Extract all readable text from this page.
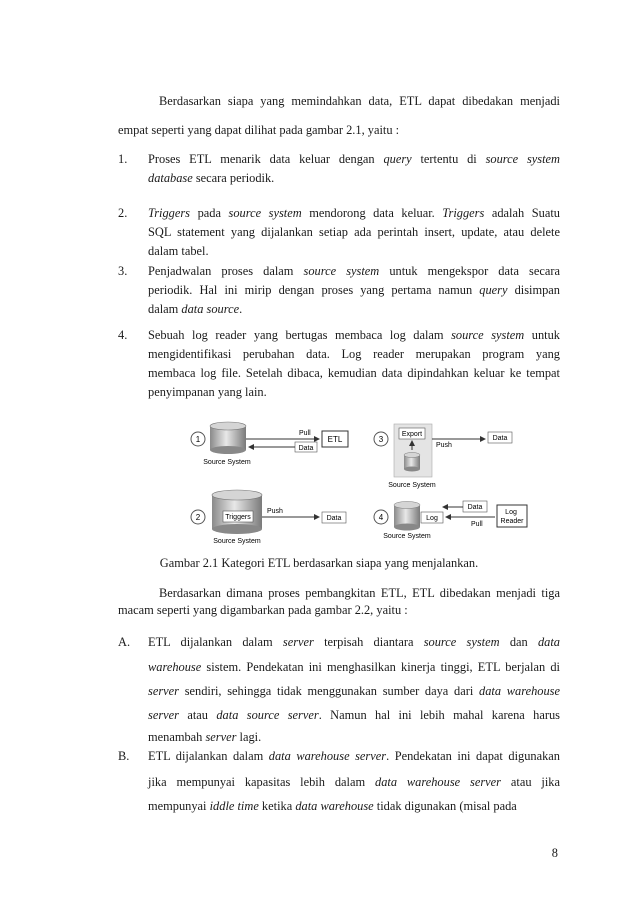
Berdasarkan siapa yang memindahkan data, ETL dapat dibedakan menjadi
empat seperti yang dapat dilihat pada gambar 2.1, yaitu :
1. Proses ETL menarik data keluar dengan query tertentu di source system
database secara periodik.
2. Triggers pada source system mendorong data keluar. Triggers adalah Suatu
SQL statement yang dijalankan setiap ada perintah insert, update, atau delete
dalam tabel.
3. Penjadwalan proses dalam source system untuk mengekspor data secara
periodik. Hal ini mirip dengan proses yang pertama namun query disimpan
dalam data source.
4. Sebuah log reader yang bertugas membaca log dalam source system untuk
mengidentifikasi perubahan data. Log reader merupakan program yang
membaca log file. Setelah dibaca, kemudian data dipindahkan keluar ke tempat
penyimpanan yang lain.
1
Pull
Data
ETL
Source System
3
Export
Push
Data
Source System
2	Triggers
Push
Data
Source System
4	Log
Pull
Data
Log Reader
Source System
Gambar 2.1 Kategori ETL berdasarkan siapa yang menjalankan.
Berdasarkan dimana proses pembangkitan ETL, ETL dibedakan menjadi tiga
macam seperti yang digambarkan pada gambar 2.2, yaitu :
A. ETL dijalankan dalam server terpisah diantara source system dan data
warehouse sistem. Pendekatan ini menghasilkan kinerja tinggi, ETL berjalan di
server sendiri, sehingga tidak menggunakan sumber daya dari data warehouse
server atau data source server. Namun hal ini lebih mahal karena harus
menambah server lagi.
B. ETL dijalankan dalam data warehouse server. Pendekatan ini dapat digunakan
jika mempunyai kapasitas lebih dalam data warehouse server atau jika
mempunyai iddle time ketika data warehouse tidak digunakan (misal pada
8
